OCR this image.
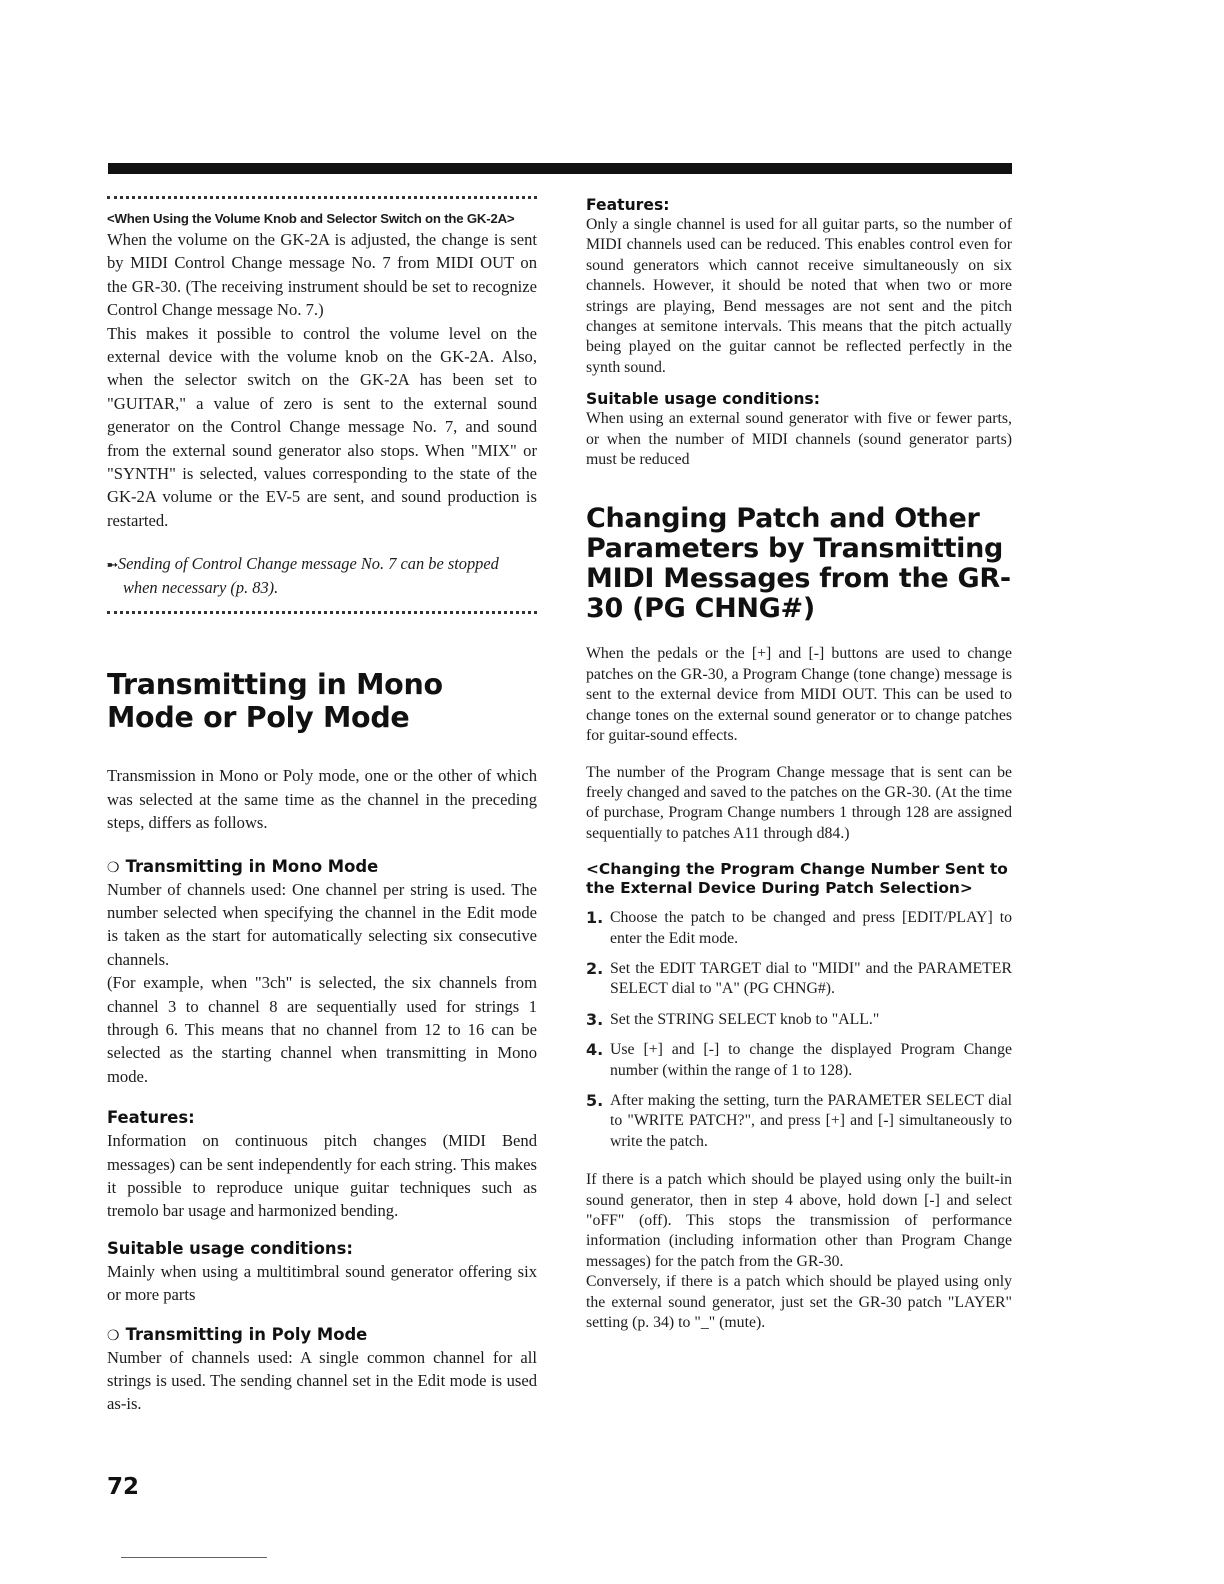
<When Using the Volume Knob and Selector Switch on the GK-2A>

When the volume on the GK-2A is adjusted, the change is sent by MIDI Control Change message No. 7 from MIDI OUT on the GR-30. (The receiving instrument should be set to recognize Control Change message No. 7.)

This makes it possible to control the volume level on the external device with the volume knob on the GK-2A. Also, when the selector switch on the GK-2A has been set to "GUITAR," a value of zero is sent to the external sound generator on the Control Change message No. 7, and sound from the external sound generator also stops. When "MIX" or "SYNTH" is selected, values corresponding to the state of the GK-2A volume or the EV-5 are sent, and sound production is restarted.

➸Sending of Control Change message No. 7 can be stopped when necessary (p. 83).

Transmitting in Mono Mode or Poly Mode

Transmission in Mono or Poly mode, one or the other of which was selected at the same time as the channel in the preceding steps, differs as follows.

❍ Transmitting in Mono Mode

Number of channels used: One channel per string is used. The number selected when specifying the channel in the Edit mode is taken as the start for automatically selecting six consecutive channels.

(For example, when "3ch" is selected, the six channels from channel 3 to channel 8 are sequentially used for strings 1 through 6. This means that no channel from 12 to 16 can be selected as the starting channel when transmitting in Mono mode.

Features:

Information on continuous pitch changes (MIDI Bend messages) can be sent independently for each string. This makes it possible to reproduce unique guitar techniques such as tremolo bar usage and harmonized bending.

Suitable usage conditions:

Mainly when using a multitimbral sound generator offering six or more parts

❍ Transmitting in Poly Mode

Number of channels used: A single common channel for all strings is used. The sending channel set in the Edit mode is used as-is.

Features:

Only a single channel is used for all guitar parts, so the number of MIDI channels used can be reduced. This enables control even for sound generators which cannot receive simultaneously on six channels. However, it should be noted that when two or more strings are playing, Bend messages are not sent and the pitch changes at semitone intervals. This means that the pitch actually being played on the guitar cannot be reflected perfectly in the synth sound.

Suitable usage conditions:

When using an external sound generator with five or fewer parts, or when the number of MIDI channels (sound generator parts) must be reduced

Changing Patch and Other Parameters by Transmitting MIDI Messages from the GR-30 (PG CHNG#)

When the pedals or the [+] and [-] buttons are used to change patches on the GR-30, a Program Change (tone change) message is sent to the external device from MIDI OUT. This can be used to change tones on the external sound generator or to change patches for guitar-sound effects.

The number of the Program Change message that is sent can be freely changed and saved to the patches on the GR-30. (At the time of purchase, Program Change numbers 1 through 128 are assigned sequentially to patches A11 through d84.)

<Changing the Program Change Number Sent to the External Device During Patch Selection>
1. Choose the patch to be changed and press [EDIT/PLAY] to enter the Edit mode.
2. Set the EDIT TARGET dial to "MIDI" and the PARAMETER SELECT dial to "A" (PG CHNG#).
3. Set the STRING SELECT knob to "ALL."
4. Use [+] and [-] to change the displayed Program Change number (within the range of 1 to 128).
5. After making the setting, turn the PARAMETER SELECT dial to "WRITE PATCH?", and press [+] and [-] simultaneously to write the patch.

If there is a patch which should be played using only the built-in sound generator, then in step 4 above, hold down [-] and select "oFF" (off). This stops the transmission of performance information (including information other than Program Change messages) for the patch from the GR-30.

Conversely, if there is a patch which should be played using only the external sound generator, just set the GR-30 patch "LAYER" setting (p. 34) to "_" (mute).

72
